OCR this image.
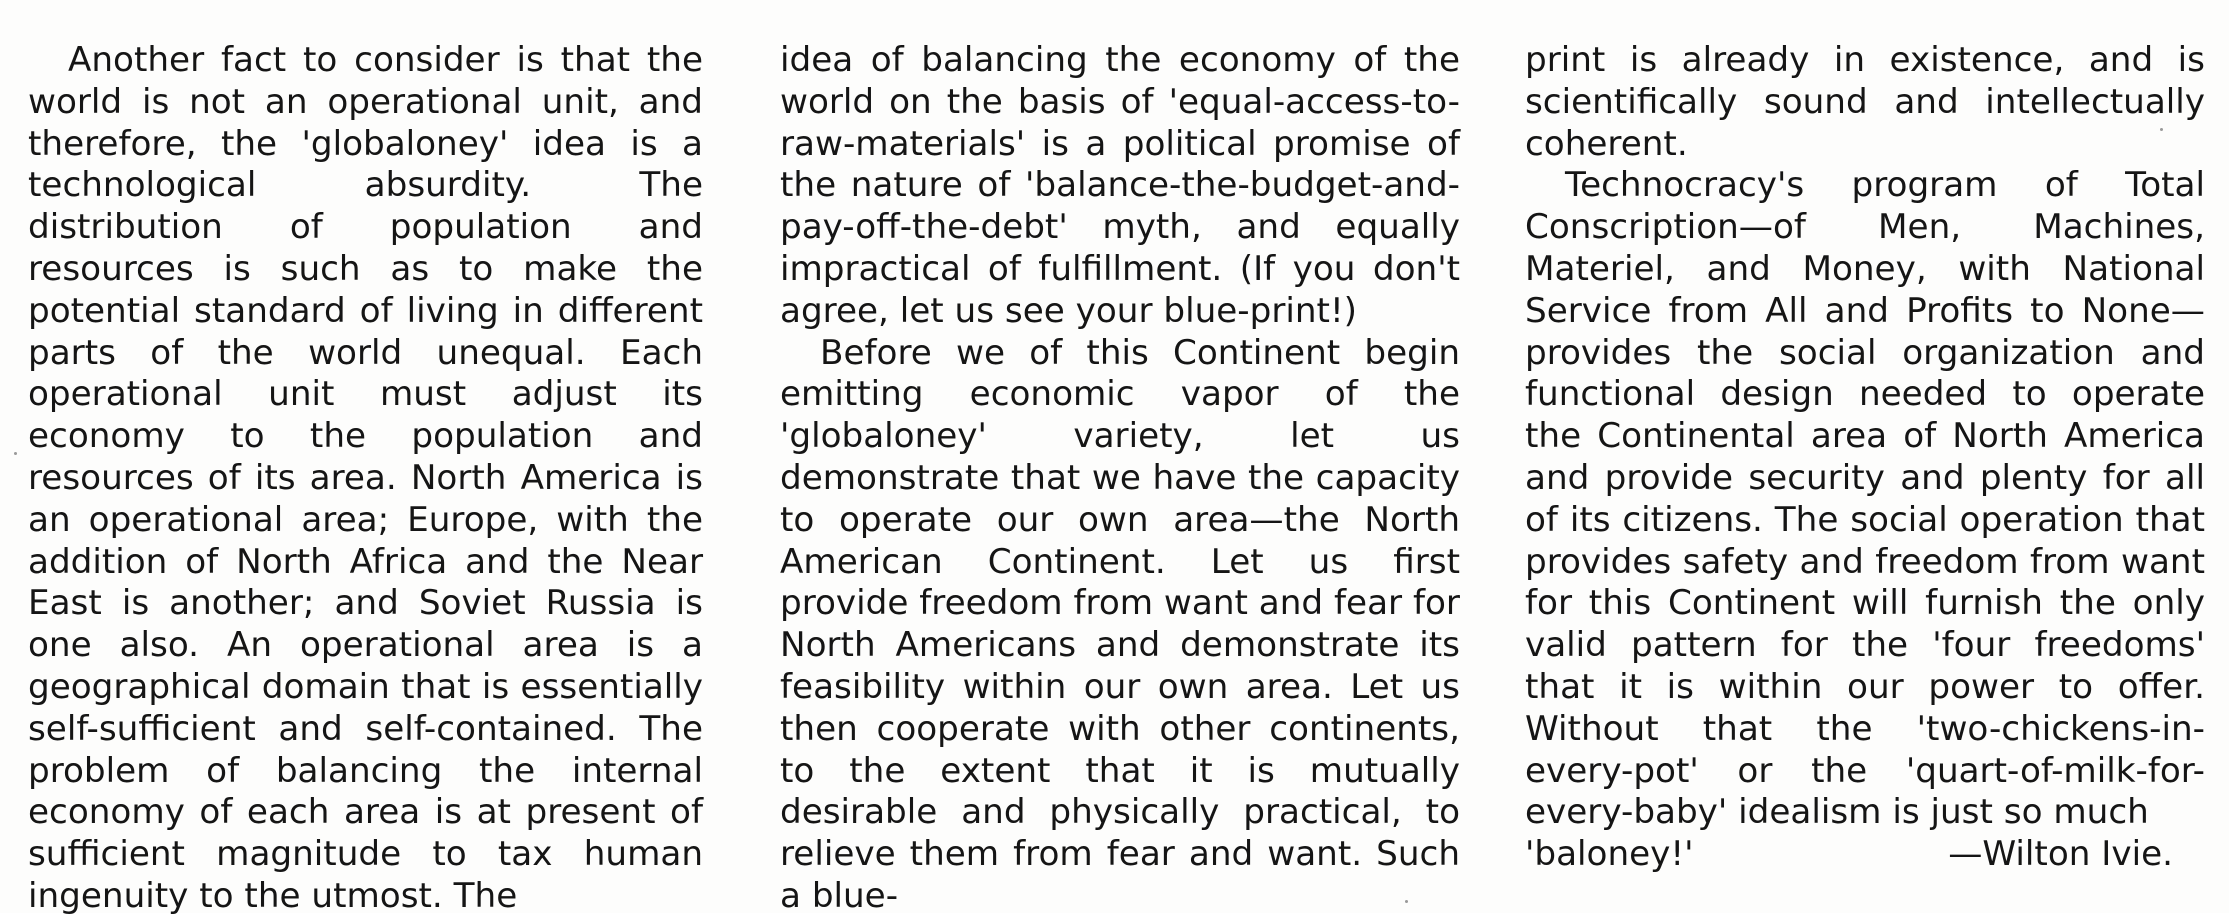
Another fact to consider is that the world is not an operational unit, and therefore, the 'globaloney' idea is a technological absurdity. The distribution of population and resources is such as to make the potential standard of living in different parts of the world unequal. Each operational unit must adjust its economy to the population and resources of its area. North America is an operational area; Europe, with the addition of North Africa and the Near East is another; and Soviet Russia is one also. An operational area is a geographical domain that is essentially self-sufficient and self-contained. The problem of balancing the internal economy of each area is at present of sufficient magnitude to tax human ingenuity to the utmost. The

idea of balancing the economy of the world on the basis of 'equal-access-to-raw-materials' is a political promise of the nature of 'balance-the-budget-and-pay-off-the-debt' myth, and equally impractical of fulfillment. (If you don't agree, let us see your blue-print!)

Before we of this Continent begin emitting economic vapor of the 'globaloney' variety, let us demonstrate that we have the capacity to operate our own area—the North American Continent. Let us first provide freedom from want and fear for North Americans and demonstrate its feasibility within our own area. Let us then cooperate with other continents, to the extent that it is mutually desirable and physically practical, to relieve them from fear and want. Such a blue-

print is already in existence, and is scientifically sound and intellectually coherent.

Technocracy's program of Total Conscription—of Men, Machines, Materiel, and Money, with National Service from All and Profits to None—provides the social organization and functional design needed to operate the Continental area of North America and provide security and plenty for all of its citizens. The social operation that provides safety and freedom from want for this Continent will furnish the only valid pattern for the 'four freedoms' that it is within our power to offer. Without that the 'two-chickens-in-every-pot' or the 'quart-of-milk-for-every-baby' idealism is just so much

'baloney!'	—Wilton Ivie.
